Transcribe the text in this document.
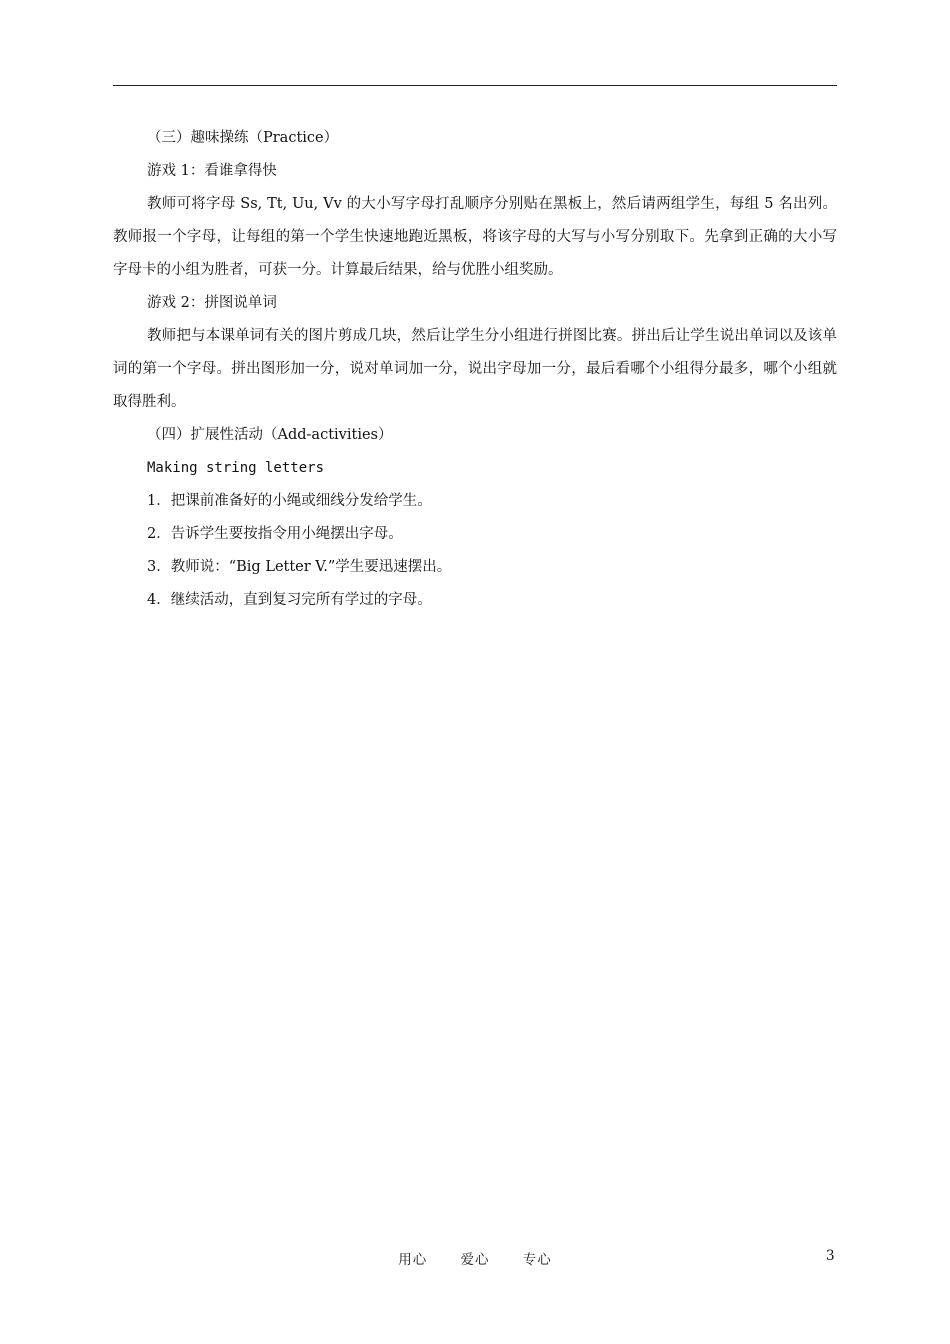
（三）趣味操练（Practice）

游戏 1：看谁拿得快

教师可将字母 Ss, Tt, Uu, Vv 的大小写字母打乱顺序分别贴在黑板上，然后请两组学生，每组 5 名出列。教师报一个字母，让每组的第一个学生快速地跑近黑板，将该字母的大写与小写分别取下。先拿到正确的大小写字母卡的小组为胜者，可获一分。计算最后结果，给与优胜小组奖励。

游戏 2：拼图说单词

教师把与本课单词有关的图片剪成几块，然后让学生分小组进行拼图比赛。拼出后让学生说出单词以及该单词的第一个字母。拼出图形加一分，说对单词加一分，说出字母加一分，最后看哪个小组得分最多，哪个小组就取得胜利。

（四）扩展性活动（Add-activities）

Making string letters

1．把课前准备好的小绳或细线分发给学生。

2．告诉学生要按指令用小绳摆出字母。

3．教师说：“Big Letter V.”学生要迅速摆出。

4．继续活动，直到复习完所有学过的字母。

用心 爱心 专心	3
